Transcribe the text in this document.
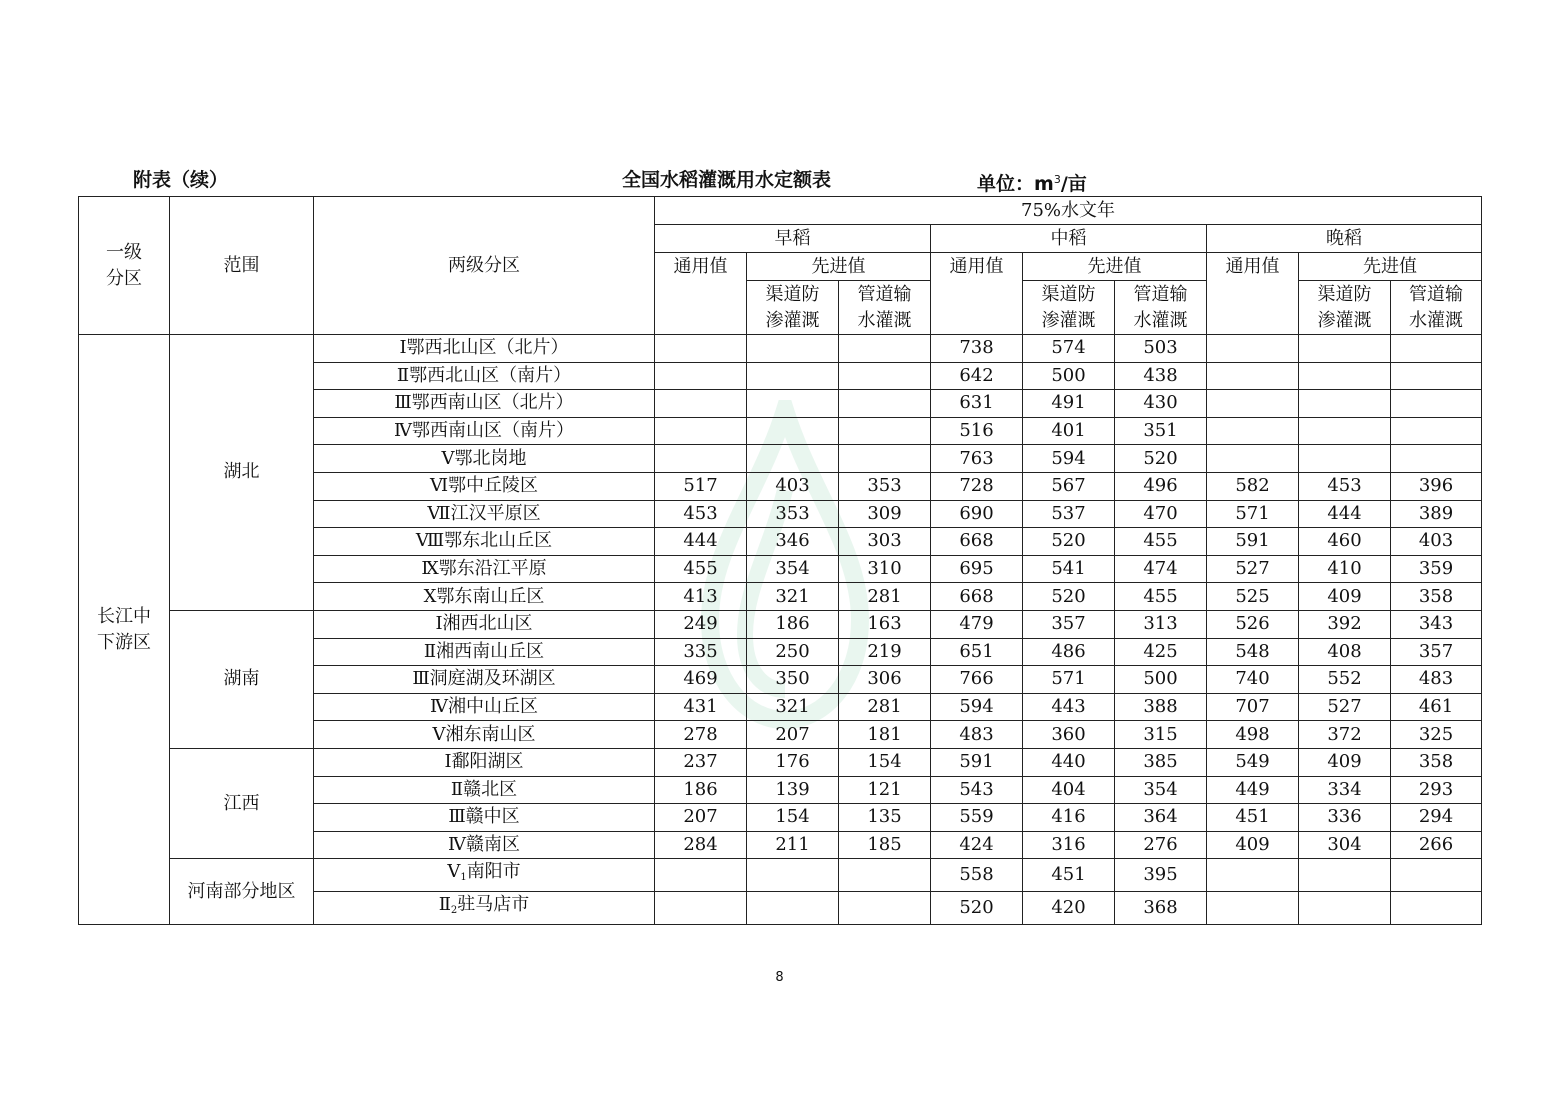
附表（续）	全国水稻灌溉用水定额表	单位：$m^3/$亩
一级分区	范围	两级分区	75%水文年								
			早稻			中稻			晚稻		
			通用值	先进值		通用值	先进值		通用值	先进值	
				渠道防渗灌溉	管道输水灌溉		渠道防渗灌溉	管道输水灌溉		渠道防渗灌溉	管道输水灌溉
长江中下游区	湖北	Ⅰ鄂西北山区（北片）				738	574	503			
		Ⅱ鄂西北山区（南片）				642	500	438			
		Ⅲ鄂西南山区（北片）				631	491	430			
		Ⅳ鄂西南山区（南片）				516	401	351			
		Ⅴ鄂北岗地				763	594	520			
		Ⅵ鄂中丘陵区	517	403	353	728	567	496	582	453	396
		Ⅶ江汉平原区	453	353	309	690	537	470	571	444	389
		Ⅷ鄂东北山丘区	444	346	303	668	520	455	591	460	403
		Ⅸ鄂东沿江平原	455	354	310	695	541	474	527	410	359
		Ⅹ鄂东南山丘区	413	321	281	668	520	455	525	409	358
	湖南	Ⅰ湘西北山区	249	186	163	479	357	313	526	392	343
		Ⅱ湘西南山丘区	335	250	219	651	486	425	548	408	357
		Ⅲ洞庭湖及环湖区	469	350	306	766	571	500	740	552	483
		Ⅳ湘中山丘区	431	321	281	594	443	388	707	527	461
		Ⅴ湘东南山区	278	207	181	483	360	315	498	372	325
	江西	Ⅰ鄱阳湖区	237	176	154	591	440	385	549	409	358
		Ⅱ赣北区	186	139	121	543	404	354	449	334	293
		Ⅲ赣中区	207	154	135	559	416	364	451	336	294
		Ⅳ赣南区	284	211	185	424	316	276	409	304	266
	河南部分地区	$Ⅴ_1$南阳市				558	451	395			
		$Ⅱ_2$驻马店市				520	420	368			
8
